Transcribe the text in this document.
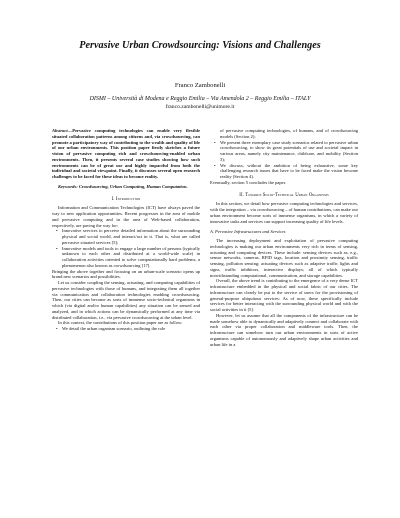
Pervasive Urban Crowdsourcing: Visions and Challenges
Franco Zambonelli
DISMI – Università di Modena e Reggio Emilia – Via Amendola 2 – Reggio Emilia – ITALY
franco.zambonelli@unimore.it

Abstract—Pervasive computing technologies can enable very flexible situated collaboration patterns among citizens and, via crowdsourcing, can promote a participatory way of contributing to the wealth and quality of life of our urban environments. This position paper firstly sketches a future vision of pervasive computing rich and crowdsourcing-enabled urban environments. Then, it presents several case studies showing how such environments can be of great use and highly impactful from both the individual and societal viewpoint. Finally, it discusses several open research challenges to be faced for these ideas to become reality.

Keywords: Crowdsourcing, Urban Computing, Human Computation.

I. Introduction

Information and Communication Technologies (ICT) have always paved the way to new application opportunities. Recent progresses in the area of mobile and pervasive computing and in the area of Web-based collaboration, respectively, are paving the way for:

• Innovative services to perceive detailed information about the surrounding physical and social world, and interact/act in it. That is, what are called pervasive situated services [5];
• Innovative models and tools to engage a large number of persons (typically unknown to each other and distributed at a world-wide scale) in collaboration activities oriented to solve computationally hard problems, a phenomenon also known as crowdsourcing [17].

Bringing the above together and focusing on an urban-scale scenario opens up brand new scenarios and possibilities.

Let us consider coupling the sensing, actuating, and computing capabilities of pervasive technologies with those of humans, and integrating them all together via communication and collaboration technologies enabling crowdsourcing. Then, our cities can become as sorts of immense socio-technical organisms in which (via digital and/or human capabilities) any situation can be sensed and analyzed, and in which actions can be dynamically performed at any time via distributed collaboration, i.e., via pervasive crowdsourcing at the urban level.

In this context, the contributions of this position paper are as follow:

• We detail the urban organism scenario, outlining the role

of pervasive computing technologies, of humans, and of crowdsourcing models (Section 2);

• We present three exemplary case study scenarios related to pervasive urban crowdsourcing, to show its great potentials of use and societal impact in various areas, namely city maintenance, childcare, and mobility (Section 3);
• We discuss, without the ambition of being exhaustive, some key challenging research issues that have to be faced make the vision become reality (Section 4).

Eventually, section 5 concludes the paper.

II. Towards Socio-Technical Urban Organisms

In this section, we detail how pervasive computing technologies and services, with the integration – via crowdsourcing – of human contributions, can make our urban environment become sorts of immense organisms, in which a variety of innovative tasks and services can support increasing quality of life levels.

A. Pervasive Infrastructures and Services

The increasing deployment and exploitation of pervasive computing technologies is making our urban environments very rich in terms of sensing, actuating and computing devices. These include: sensing devices such as, e.g., sensor networks, cameras, RFID tags, location and proximity sensing, traffic sensing, pollution sensing; actuating devices such as adaptive traffic lights and signs, traffic inhibitors, interactive displays; all of which typically notwithstanding computational, communication, and storage capabilities.

Overall, the above trend is contributing to the emergence of a very dense ICT infrastructure embedded in the physical and social fabric of our cities. The infrastructure can clearly be put to the service of users for the provisioning of general-purpose ubiquitous services: As of now, these specifically include services for better interacting with the surrounding physical world and with the social activities in it [5].

However, let us assume that all the components of the infrastructure can be made somehow able to dynamically and adaptively connect and collaborate with each other via proper collaboration and middleware tools. Then, the infrastructure can somehow turn our urban environments in sorts of active organisms capable of autonomously and adaptively shape urban activities and urban life in a
